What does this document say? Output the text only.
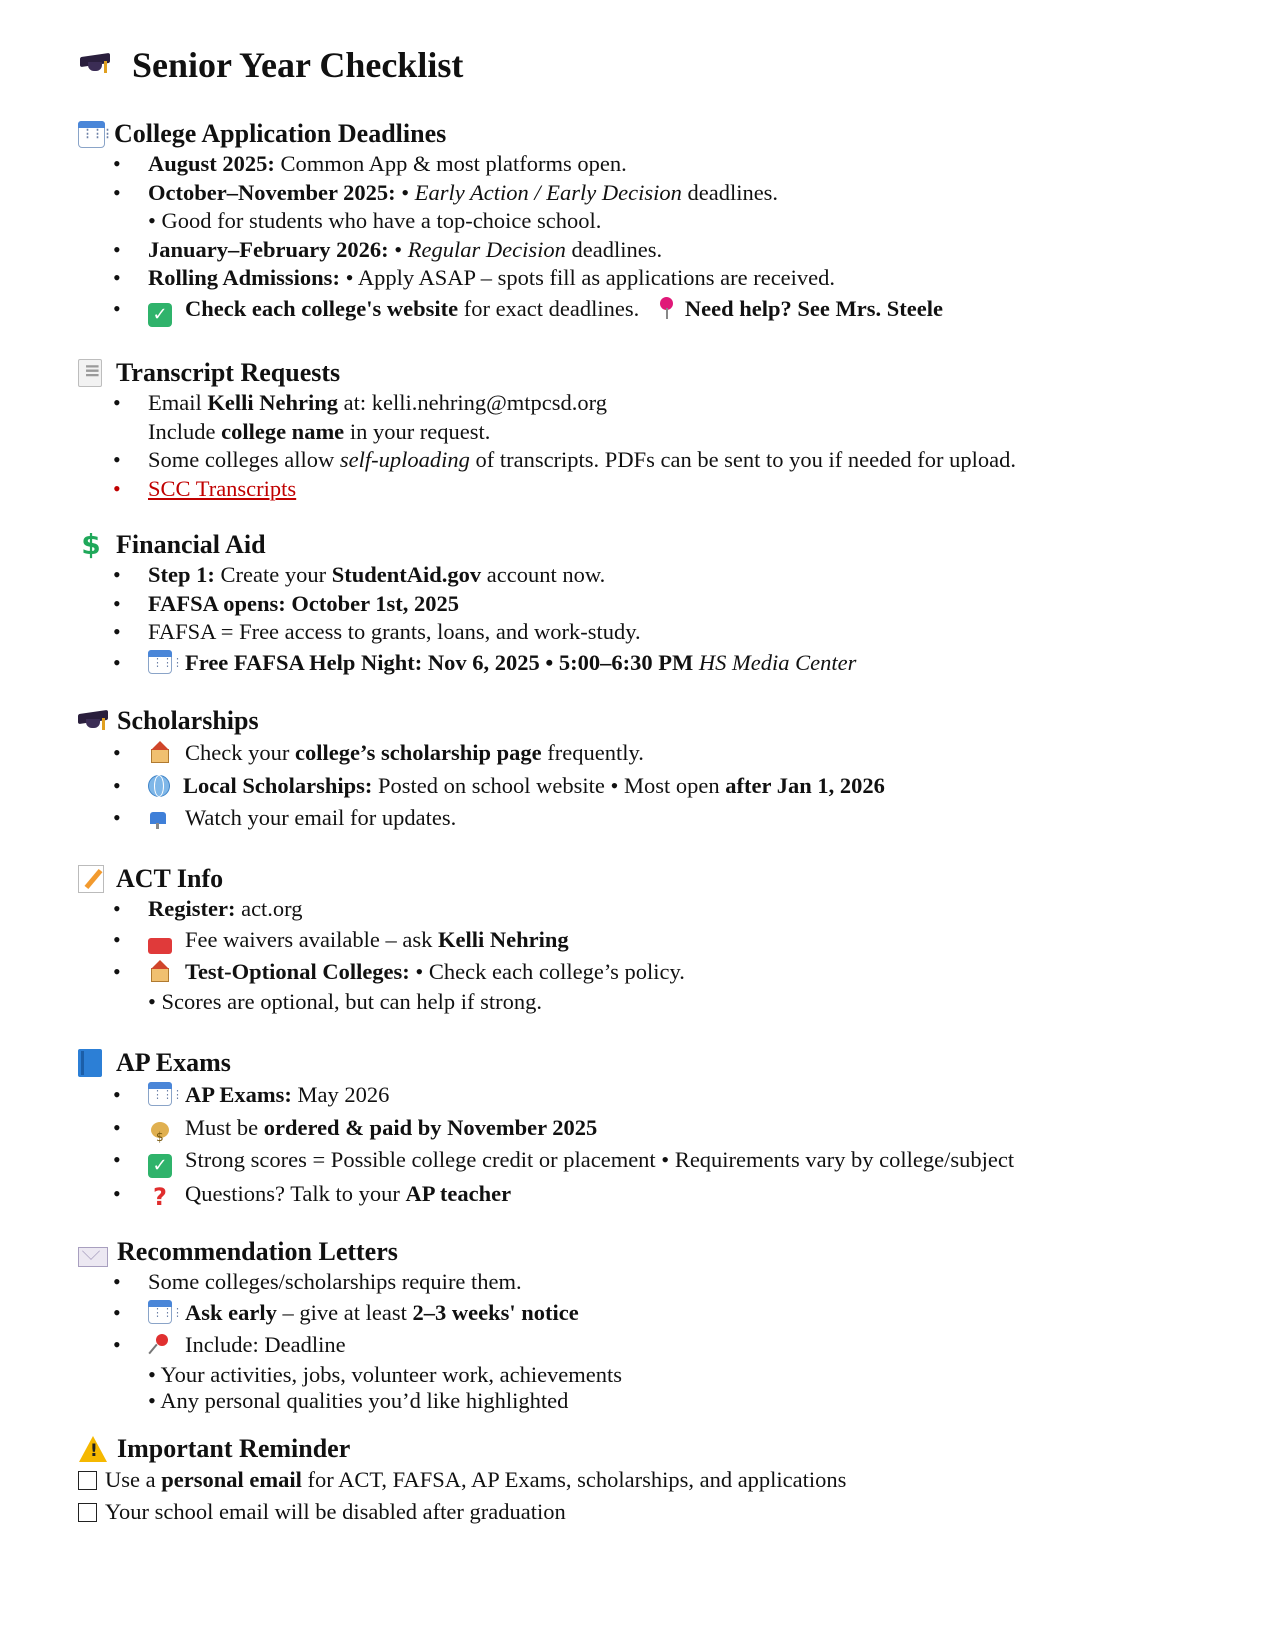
Senior Year Checklist
⋮⋮⋮
College Application Deadlines
• August 2025: Common App & most platforms open.
• October–November 2025: • Early Action / Early Decision deadlines.
• Good for students who have a top-choice school.
• January–February 2026: • Regular Decision deadlines.
• Rolling Admissions: • Apply ASAP – spots fill as applications are received.
• ✓ Check each college's website for exact deadlines. Need help? See Mrs. Steele
≡
Transcript Requests
• Email Kelli Nehring at: kelli.nehring@mtpcsd.org
Include college name in your request.
• Some colleges allow self-uploading of transcripts. PDFs can be sent to you if needed for upload.
• SCC Transcripts
$ Financial Aid
• Step 1: Create your StudentAid.gov account now.
• FAFSA opens: October 1st, 2025
• FAFSA = Free access to grants, loans, and work-study.
⋮⋮⋮• Free FAFSA Help Night: Nov 6, 2025 • 5:00–6:30 PM HS Media Center
Scholarships
• Check your college’s scholarship page frequently.
• Local Scholarships: Posted on school website • Most open after Jan 1, 2026
• Watch your email for updates.
ACT Info
• Register: act.org
• Fee waivers available – ask Kelli Nehring
• Test-Optional Colleges: • Check each college’s policy.
• Scores are optional, but can help if strong.
AP Exams
⋮⋮⋮• AP Exams: May 2026
$• Must be ordered & paid by November 2025
• ✓ Strong scores = Possible college credit or placement • Requirements vary by college/subject
• ? Questions? Talk to your AP teacher
Recommendation Letters
• Some colleges/scholarships require them.
⋮⋮⋮• Ask early – give at least 2–3 weeks' notice
• Include: Deadline
• Your activities, jobs, volunteer work, achievements
• Any personal qualities you’d like highlighted
!
Important Reminder
Use a personal email for ACT, FAFSA, AP Exams, scholarships, and applications
Your school email will be disabled after graduation
